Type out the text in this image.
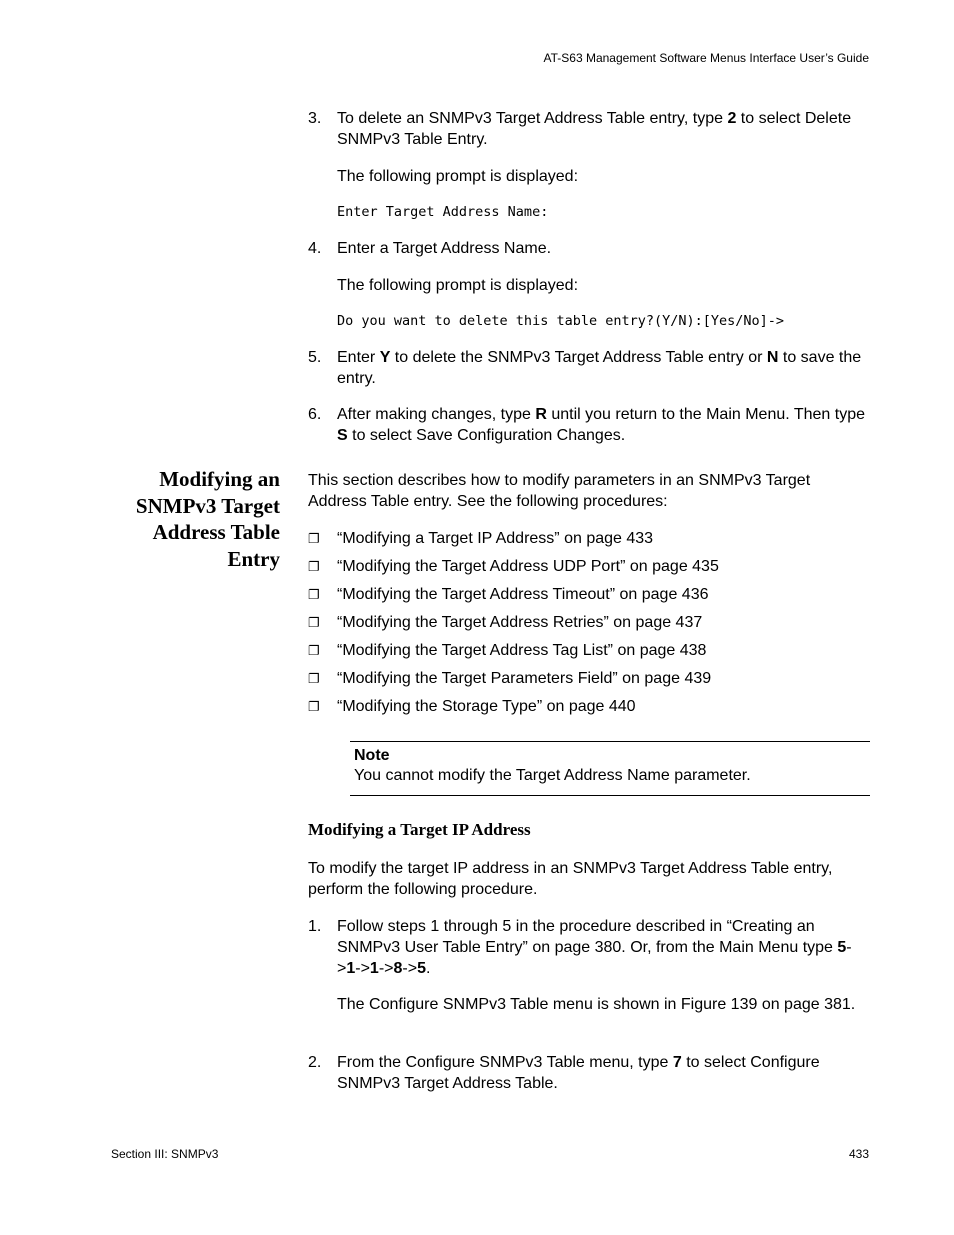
AT-S63 Management Software Menus Interface User’s Guide
3. To delete an SNMPv3 Target Address Table entry, type 2 to select Delete SNMPv3 Table Entry.
The following prompt is displayed:
Enter Target Address Name:
4. Enter a Target Address Name.
The following prompt is displayed:
Do you want to delete this table entry?(Y/N):[Yes/No]->
5. Enter Y to delete the SNMPv3 Target Address Table entry or N to save the entry.
6. After making changes, type R until you return to the Main Menu. Then type S to select Save Configuration Changes.
Modifying an
SNMPv3 Target
Address Table
Entry
This section describes how to modify parameters in an SNMPv3 Target Address Table entry. See the following procedures:
❐ “Modifying a Target IP Address” on page 433
❐ “Modifying the Target Address UDP Port” on page 435
❐ “Modifying the Target Address Timeout” on page 436
❐ “Modifying the Target Address Retries” on page 437
❐ “Modifying the Target Address Tag List” on page 438
❐ “Modifying the Target Parameters Field” on page 439
❐ “Modifying the Storage Type” on page 440
Note
You cannot modify the Target Address Name parameter.
Modifying a Target IP Address
To modify the target IP address in an SNMPv3 Target Address Table entry, perform the following procedure.
1. Follow steps 1 through 5 in the procedure described in “Creating an SNMPv3 User Table Entry” on page 380. Or, from the Main Menu type 5->1->1->8->5.
The Configure SNMPv3 Table menu is shown in Figure 139 on page 381.
2. From the Configure SNMPv3 Table menu, type 7 to select Configure SNMPv3 Target Address Table.
Section III: SNMPv3	433
